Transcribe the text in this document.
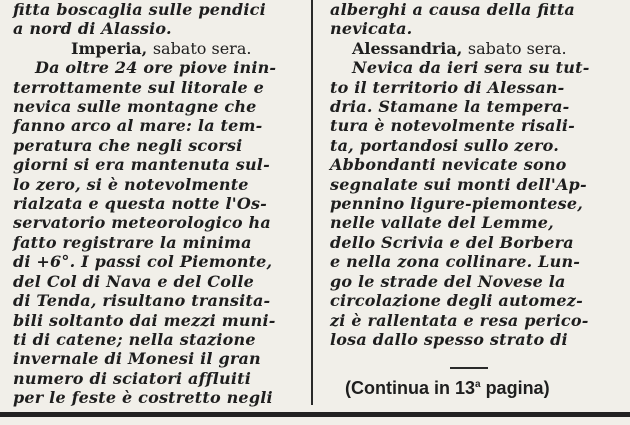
ﬁtta boscaglia sulle pendici
a nord di Alassio.
Imperia, sabato sera.
Da oltre 24 ore piove inin-
terrottamente sul litorale e
nevica sulle montagne che
fanno arco al mare: la tem-
peratura che negli scorsi
giorni si era mantenuta sul-
lo zero, si è notevolmente
rialzata e questa notte l'Os-
servatorio meteorologico ha
fatto registrare la minima
di +6°. I passi col Piemonte,
del Col di Nava e del Colle
di Tenda, risultano transita-
bili soltanto dai mezzi muni-
ti di catene; nella stazione
invernale di Monesi il gran
numero di sciatori affluiti
per le feste è costretto negli
alberghi a causa della ﬁtta
nevicata.
Alessandria, sabato sera.
Nevica da ieri sera su tut-
to il territorio di Alessan-
dria. Stamane la tempera-
tura è notevolmente risali-
ta, portandosi sullo zero.
Abbondanti nevicate sono
segnalate sui monti dell'Ap-
pennino ligure-piemontese,
nelle vallate del Lemme,
dello Scrivia e del Borbera
e nella zona collinare. Lun-
go le strade del Novese la
circolazione degli automez-
zi è rallentata e resa perico-
losa dallo spesso strato di
(Continua in 13$^a$ pagina)
